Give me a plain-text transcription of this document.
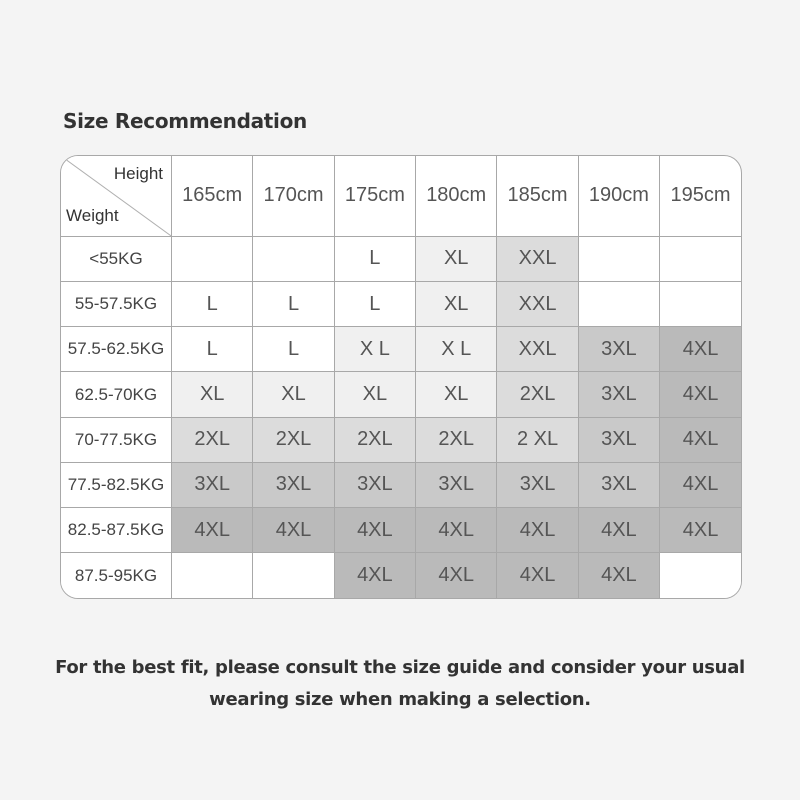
Size Recommendation
Height
Weight	165cm	170cm	175cm	180cm	185cm	190cm	195cm
<55KG			L	XL	XXL		
55-57.5KG	L	L	L	XL	XXL		
57.5-62.5KG	L	L	X L	X L	XXL	3XL	4XL
62.5-70KG	XL	XL	XL	XL	2XL	3XL	4XL
70-77.5KG	2XL	2XL	2XL	2XL	2 XL	3XL	4XL
77.5-82.5KG	3XL	3XL	3XL	3XL	3XL	3XL	4XL
82.5-87.5KG	4XL	4XL	4XL	4XL	4XL	4XL	4XL
87.5-95KG			4XL	4XL	4XL	4XL	
For the best fit, please consult the size guide and consider your usual
wearing size when making a selection.
